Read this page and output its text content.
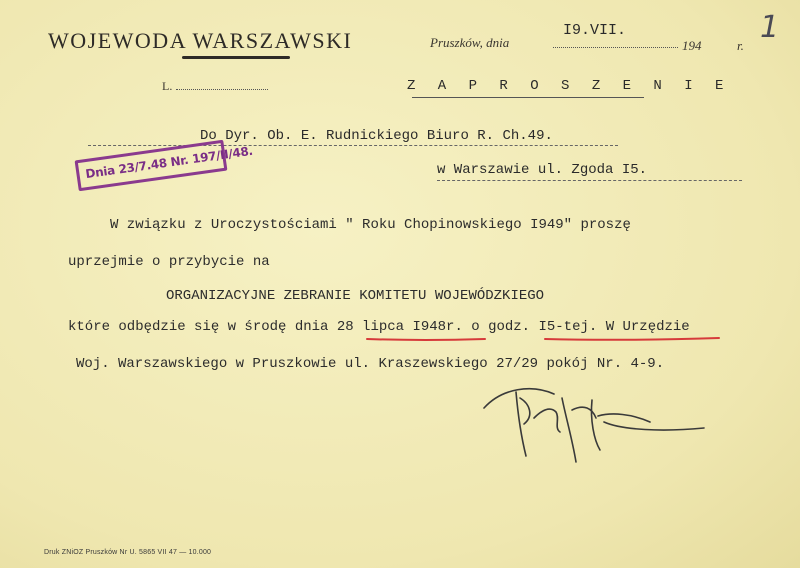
WOJEWODA WARSZAWSKI	Pruszków, dnia
I9.VII.
194	r.
1
L.	Z A P R O S Z E N I E
Do Dyr. Ob. E. Rudnickiego Biuro R. Ch.49.
w Warszawie ul. Zgoda I5.
Dnia 23/7.48 Nr. 197/II/48.
W związku z Uroczystościami " Roku Chopinowskiego I949" proszę
uprzejmie o przybycie na
ORGANIZACYJNE ZEBRANIE KOMITETU WOJEWÓDZKIEGO
które odbędzie się w środę dnia 28 lipca I948r. o godz. I5-tej. W Urzędzie
Woj. Warszawskiego w Pruszkowie ul. Kraszewskiego 27/29 pokój Nr. 4-9.
Druk ZNiOZ Pruszków Nr U. 5865 VII 47 — 10.000
